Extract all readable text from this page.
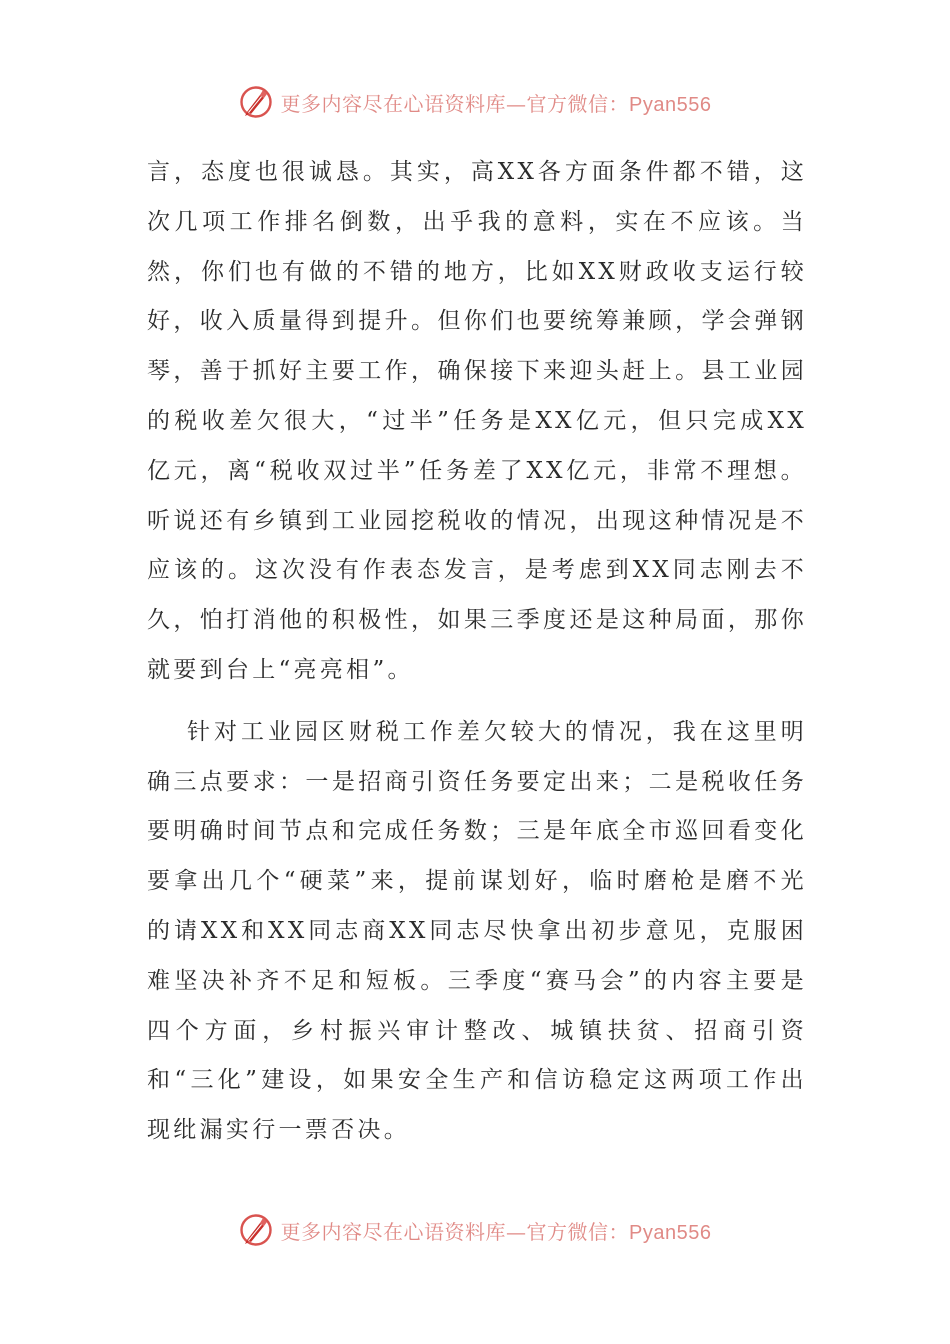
更多内容尽在心语资料库—官方微信：Pyan556

言，态度也很诚恳。其实，高XX各方面条件都不错，这次几项工作排名倒数，出乎我的意料，实在不应该。当然，你们也有做的不错的地方，比如XX财政收支运行较好，收入质量得到提升。但你们也要统筹兼顾，学会弹钢琴，善于抓好主要工作，确保接下来迎头赶上。县工业园的税收差欠很大，“过半”任务是XX亿元，但只完成XX亿元，离“税收双过半”任务差了XX亿元，非常不理想。听说还有乡镇到工业园挖税收的情况，出现这种情况是不应该的。这次没有作表态发言，是考虑到XX同志刚去不久，怕打消他的积极性，如果三季度还是这种局面，那你就要到台上“亮亮相”。

针对工业园区财税工作差欠较大的情况，我在这里明确三点要求：一是招商引资任务要定出来；二是税收任务要明确时间节点和完成任务数；三是年底全市巡回看变化要拿出几个“硬菜”来，提前谋划好，临时磨枪是磨不光的请XX和XX同志商XX同志尽快拿出初步意见，克服困难坚决补齐不足和短板。三季度“赛马会”的内容主要是四个方面，乡村振兴审计整改、城镇扶贫、招商引资和“三化”建设，如果安全生产和信访稳定这两项工作出现纰漏实行一票否决。

更多内容尽在心语资料库—官方微信：Pyan556
